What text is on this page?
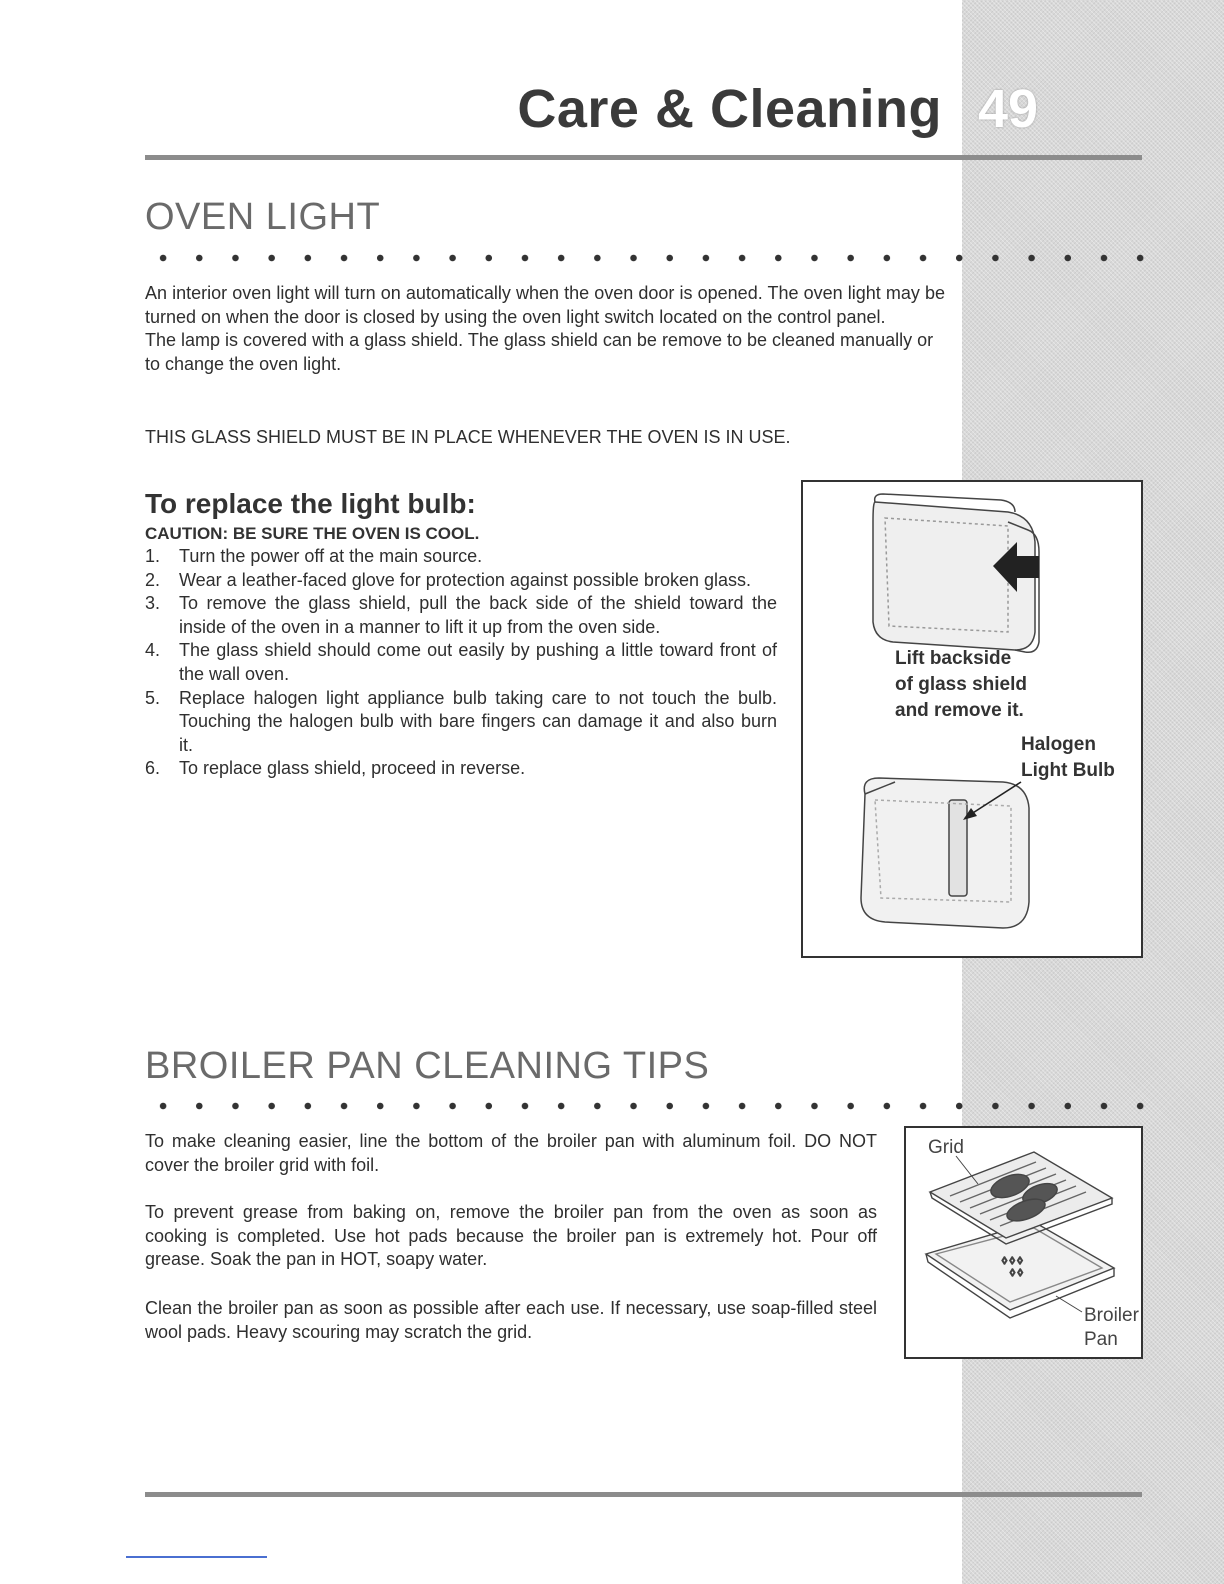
Care & Cleaning 49
OVEN LIGHT

An interior oven light will turn on automatically when the oven door is opened. The oven light may be turned on when the door is closed by using the oven light switch located on the control panel.

The lamp is covered with a glass shield. The glass shield can be remove to be cleaned manually or to change the oven light.

THIS GLASS SHIELD MUST BE IN PLACE WHENEVER THE OVEN IS IN USE.
To replace the light bulb:
CAUTION: BE SURE THE OVEN IS COOL.
1. Turn the power off at the main source.
2. Wear a leather-faced glove for protection against possible broken glass.
3. To remove the glass shield, pull the back side of the shield toward the inside of the oven in a manner to lift it up from the oven side.
4. The glass shield should come out easily by pushing a little toward front of the wall oven.
5. Replace halogen light appliance bulb taking care to not touch the bulb. Touching the halogen bulb with bare fingers can damage it and also burn it.
6. To replace glass shield, proceed in reverse.
Lift backside
of glass shield
and remove it.
Halogen
Light Bulb
BROILER PAN CLEANING TIPS
To make cleaning easier, line the bottom of the broiler pan with aluminum foil. DO NOT cover the broiler grid with foil.
To prevent grease from baking on, remove the broiler pan from the oven as soon as cooking is completed. Use hot pads because the broiler pan is extremely hot. Pour off grease. Soak the pan in HOT, soapy water.
Clean the broiler pan as soon as possible after each use. If necessary, use soap-filled steel wool pads. Heavy scouring may scratch the grid.
◊ ◊ ◊
◊ ◊
Grid
Broiler
Pan
